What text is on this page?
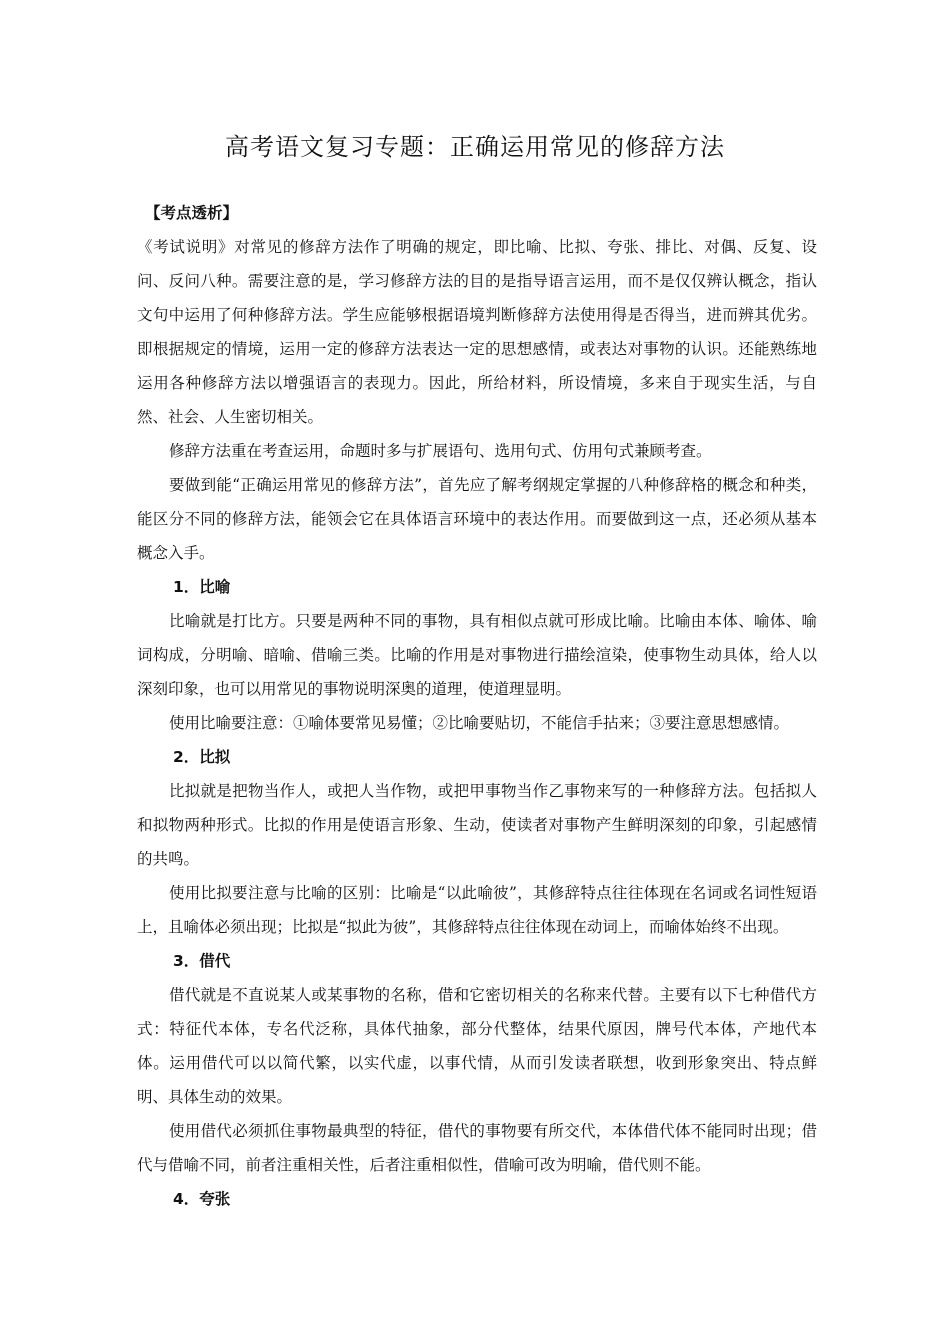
高考语文复习专题：正确运用常见的修辞方法

【考点透析】

《考试说明》对常见的修辞方法作了明确的规定，即比喻、比拟、夸张、排比、对偶、反复、设问、反问八种。需要注意的是，学习修辞方法的目的是指导语言运用，而不是仅仅辨认概念，指认文句中运用了何种修辞方法。学生应能够根据语境判断修辞方法使用得是否得当，进而辨其优劣。即根据规定的情境，运用一定的修辞方法表达一定的思想感情，或表达对事物的认识。还能熟练地运用各种修辞方法以增强语言的表现力。因此，所给材料，所设情境，多来自于现实生活，与自然、社会、人生密切相关。

修辞方法重在考查运用，命题时多与扩展语句、选用句式、仿用句式兼顾考查。

要做到能“正确运用常见的修辞方法”，首先应了解考纲规定掌握的八种修辞格的概念和种类，能区分不同的修辞方法，能领会它在具体语言环境中的表达作用。而要做到这一点，还必须从基本概念入手。

1．比喻

比喻就是打比方。只要是两种不同的事物，具有相似点就可形成比喻。比喻由本体、喻体、喻词构成，分明喻、暗喻、借喻三类。比喻的作用是对事物进行描绘渲染，使事物生动具体，给人以深刻印象，也可以用常见的事物说明深奥的道理，使道理显明。

使用比喻要注意：①喻体要常见易懂；②比喻要贴切，不能信手拈来；③要注意思想感情。

2．比拟

比拟就是把物当作人，或把人当作物，或把甲事物当作乙事物来写的一种修辞方法。包括拟人和拟物两种形式。比拟的作用是使语言形象、生动，使读者对事物产生鲜明深刻的印象，引起感情的共鸣。

使用比拟要注意与比喻的区别：比喻是“以此喻彼”，其修辞特点往往体现在名词或名词性短语上，且喻体必须出现；比拟是“拟此为彼”，其修辞特点往往体现在动词上，而喻体始终不出现。

3．借代

借代就是不直说某人或某事物的名称，借和它密切相关的名称来代替。主要有以下七种借代方式：特征代本体，专名代泛称，具体代抽象，部分代整体，结果代原因，牌号代本体，产地代本体。运用借代可以以简代繁，以实代虚，以事代情，从而引发读者联想，收到形象突出、特点鲜明、具体生动的效果。

使用借代必须抓住事物最典型的特征，借代的事物要有所交代，本体借代体不能同时出现；借代与借喻不同，前者注重相关性，后者注重相似性，借喻可改为明喻，借代则不能。

4．夸张
